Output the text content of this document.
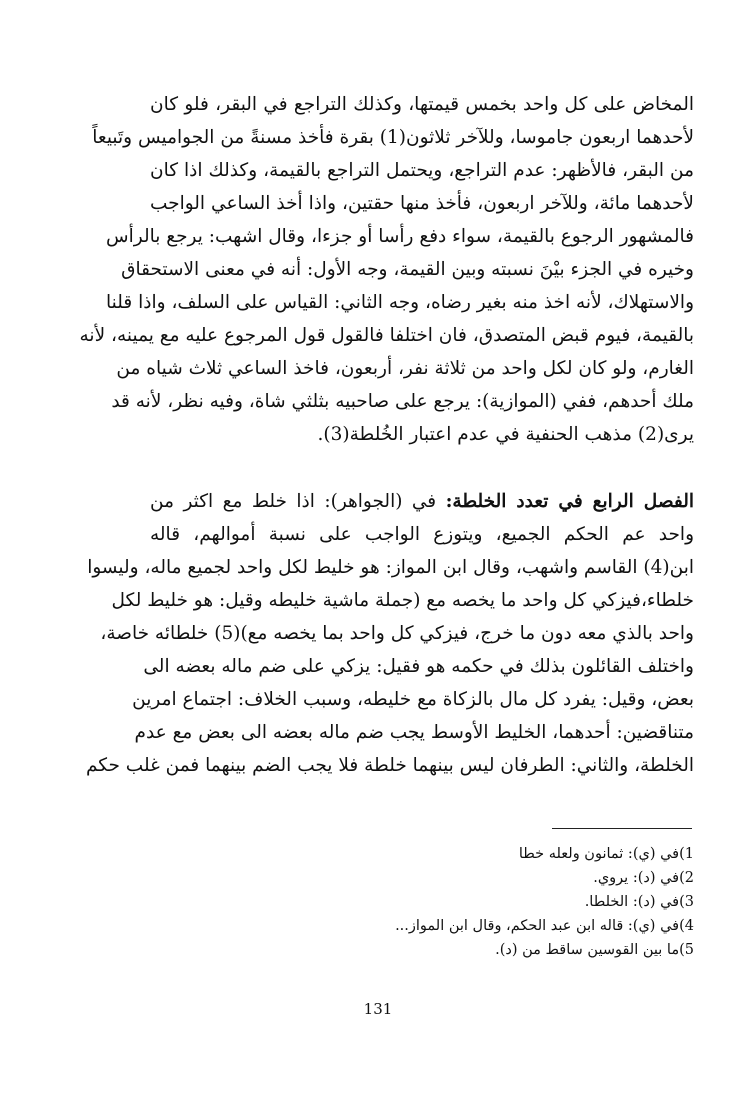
المخاض على كل واحد بخمس قيمتها، وكذلك التراجع في البقر، فلو كان
لأحدهما اربعون جاموسا، وللآخر ثلاثون(1) بقرة فأخذ مسنةً من الجواميس وتَبيعاً
من البقر، فالأظهر: عدم التراجع، ويحتمل التراجع بالقيمة، وكذلك اذا كان
لأحدهما مائة، وللآخر اربعون، فأخذ منها حقتين، واذا أخذ الساعي الواجب
فالمشهور الرجوع بالقيمة، سواء دفع رأسا أو جزءا، وقال اشهب: يرجع بالرأس
وخيره في الجزء بيْنَ نسبته وبين القيمة، وجه الأول: أنه في معنى الاستحقاق
والاستهلاك، لأنه اخذ منه بغير رضاه، وجه الثاني: القياس على السلف، واذا قلنا
بالقيمة، فيوم قبض المتصدق، فان اختلفا فالقول قول المرجوع عليه مع يمينه، لأنه
الغارم، ولو كان لكل واحد من ثلاثة نفر، أربعون، فاخذ الساعي ثلاث شياه من
ملك أحدهم، ففي (الموازية): يرجع على صاحبيه بثلثي شاة، وفيه نظر، لأنه قد
يرى(2) مذهب الحنفية في عدم اعتبار الخُلطة(3).
الفصل الرابع في تعدد الخلطة: في (الجواهر): اذا خلط مع اكثر من
واحد عم الحكم الجميع، ويتوزع الواجب على نسبة أموالهم، قاله
ابن(4) القاسم واشهب، وقال ابن المواز: هو خليط لكل واحد لجميع ماله، وليسوا
خلطاء،فيزكي كل واحد ما يخصه مع (جملة ماشية خليطه وقيل: هو خليط لكل
واحد بالذي معه دون ما خرج، فيزكي كل واحد بما يخصه مع)(5) خلطائه خاصة،
واختلف القائلون بذلك في حكمه هو فقيل: يزكي على ضم ماله بعضه الى
بعض، وقيل: يفرد كل مال بالزكاة مع خليطه، وسبب الخلاف: اجتماع امرين
متناقضين: أحدهما، الخليط الأوسط يجب ضم ماله بعضه الى بعض مع عدم
الخلطة، والثاني: الطرفان ليس بينهما خلطة فلا يجب الضم بينهما فمن غلب حكم
1)في (ي): ثمانون ولعله خطا
2)في (د): يروي.
3)في (د): الخلطا.
4)في (ي): قاله ابن عبد الحكم، وقال ابن المواز...
5)ما بين القوسين ساقط من (د).
131
